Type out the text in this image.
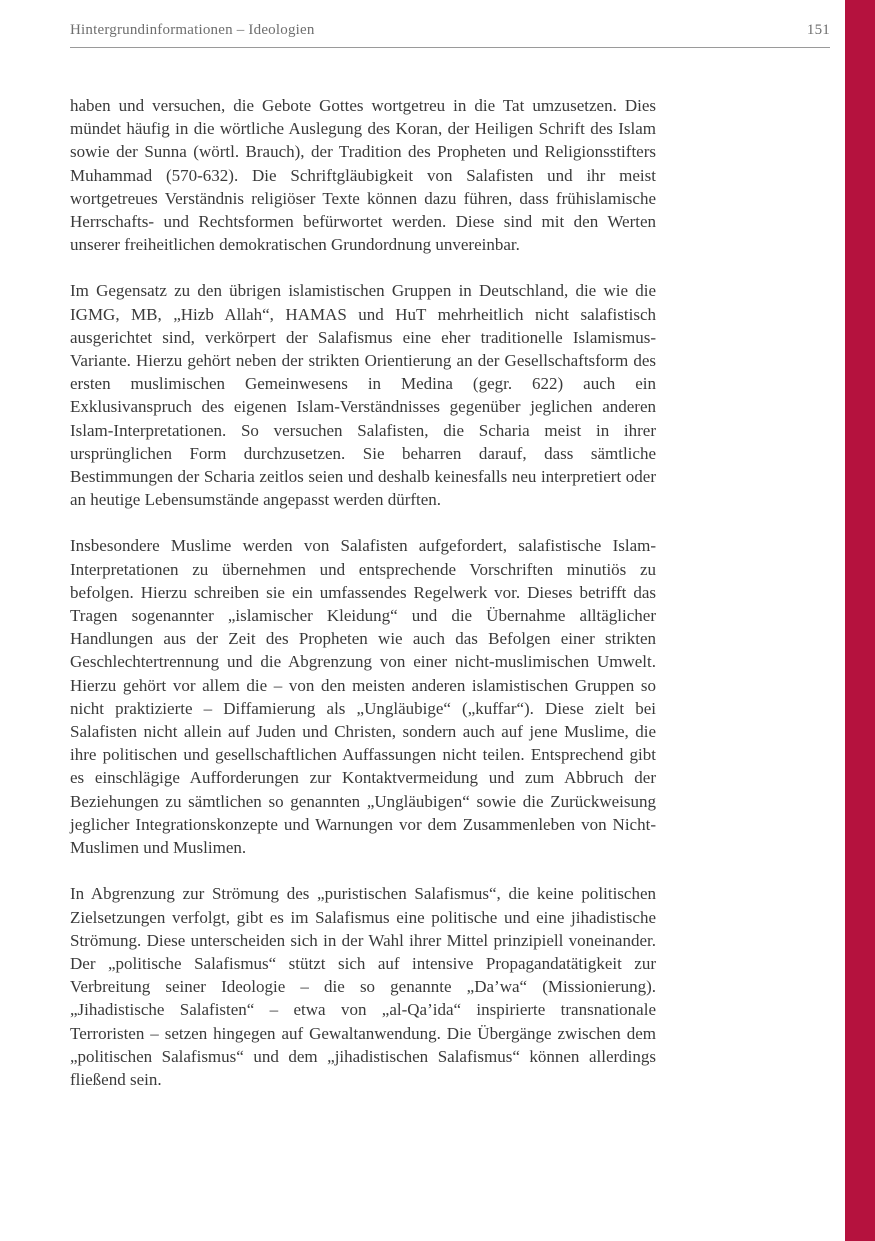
Hintergrundinformationen – Ideologien	151

haben und versuchen, die Gebote Gottes wortgetreu in die Tat umzusetzen. Dies mündet häufig in die wörtliche Auslegung des Koran, der Heiligen Schrift des Islam sowie der Sunna (wörtl. Brauch), der Tradition des Propheten und Religionsstifters Muhammad (570-632). Die Schriftgläubigkeit von Salafisten und ihr meist wortgetreues Verständnis religiöser Texte können dazu führen, dass frühislamische Herrschafts- und Rechtsformen befürwortet werden. Diese sind mit den Werten unserer freiheitlichen demokratischen Grundordnung unvereinbar.

Im Gegensatz zu den übrigen islamistischen Gruppen in Deutschland, die wie die IGMG, MB, „Hizb Allah“, HAMAS und HuT mehrheitlich nicht salafistisch ausgerichtet sind, verkörpert der Salafismus eine eher traditionelle Islamismus-Variante. Hierzu gehört neben der strikten Orientierung an der Gesellschaftsform des ersten muslimischen Gemeinwesens in Medina (gegr. 622) auch ein Exklusivanspruch des eigenen Islam-Verständnisses gegenüber jeglichen anderen Islam-Interpretationen. So versuchen Salafisten, die Scharia meist in ihrer ursprünglichen Form durchzusetzen. Sie beharren darauf, dass sämtliche Bestimmungen der Scharia zeitlos seien und deshalb keinesfalls neu interpretiert oder an heutige Lebensumstände angepasst werden dürften.

Insbesondere Muslime werden von Salafisten aufgefordert, salafistische Islam-Interpretationen zu übernehmen und entsprechende Vorschriften minutiös zu befolgen. Hierzu schreiben sie ein umfassendes Regelwerk vor. Dieses betrifft das Tragen sogenannter „islamischer Kleidung“ und die Übernahme alltäglicher Handlungen aus der Zeit des Propheten wie auch das Befolgen einer strikten Geschlechtertrennung und die Abgrenzung von einer nicht-muslimischen Umwelt. Hierzu gehört vor allem die – von den meisten anderen islamistischen Gruppen so nicht praktizierte – Diffamierung als „Ungläubige“ („kuffar“). Diese zielt bei Salafisten nicht allein auf Juden und Christen, sondern auch auf jene Muslime, die ihre politischen und gesellschaftlichen Auffassungen nicht teilen. Entsprechend gibt es einschlägige Aufforderungen zur Kontaktvermeidung und zum Abbruch der Beziehungen zu sämtlichen so genannten „Ungläubigen“ sowie die Zurückweisung jeglicher Integrationskonzepte und Warnungen vor dem Zusammenleben von Nicht-Muslimen und Muslimen.

In Abgrenzung zur Strömung des „puristischen Salafismus“, die keine politischen Zielsetzungen verfolgt, gibt es im Salafismus eine politische und eine jihadistische Strömung. Diese unterscheiden sich in der Wahl ihrer Mittel prinzipiell voneinander. Der „politische Salafismus“ stützt sich auf intensive Propagandatätigkeit zur Verbreitung seiner Ideologie – die so genannte „Da’wa“ (Missionierung). „Jihadistische Salafisten“ – etwa von „al-Qa’ida“ inspirierte transnationale Terroristen – setzen hingegen auf Gewaltanwendung. Die Übergänge zwischen dem „politischen Salafismus“ und dem „jihadistischen Salafismus“ können allerdings fließend sein.
